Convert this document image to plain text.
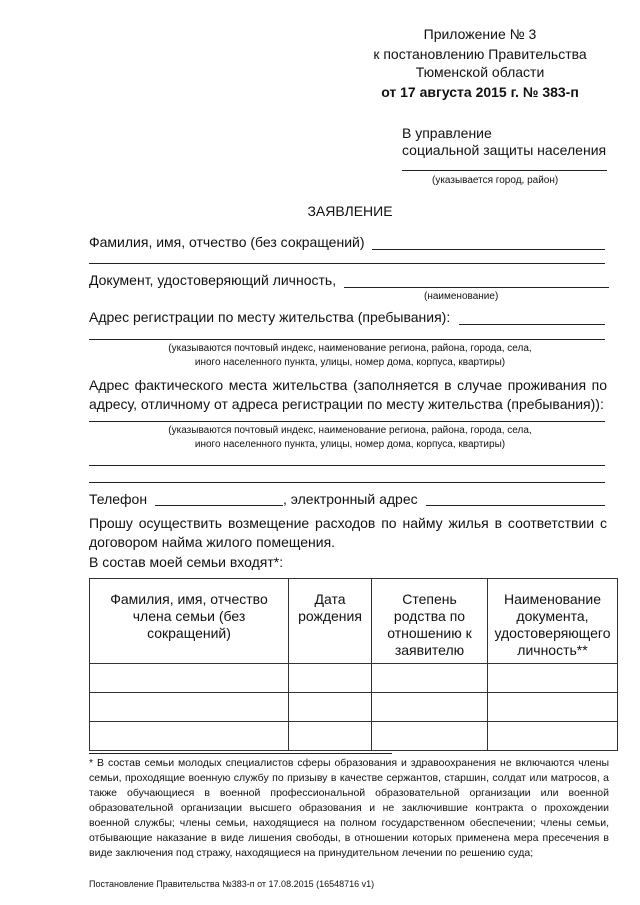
Приложение № 3
к постановлению Правительства
Тюменской области
от 17 августа 2015 г. № 383-п
В управление
социальной защиты населения
(указывается город, район)
ЗАЯВЛЕНИЕ
Фамилия, имя, отчество (без сокращений)
Документ, удостоверяющий личность,
(наименование)
Адрес регистрации по месту жительства (пребывания):
(указываются почтовый индекс, наименование региона, района, города, села,
иного населенного пункта, улицы, номер дома, корпуса, квартиры)
Адрес фактического места жительства (заполняется в случае проживания по адресу, отличному от адреса регистрации по месту жительства (пребывания)):
(указываются почтовый индекс, наименование региона, района, города, села,
иного населенного пункта, улицы, номер дома, корпуса, квартиры)
Телефон	, электронный адрес
Прошу осуществить возмещение расходов по найму жилья в соответствии с договором найма жилого помещения.
В состав моей семьи входят*:
Фамилия, имя, отчество члена семьи (без сокращений)	Дата рождения	Степень родства по отношению к заявителю	Наименование документа, удостоверяющего личность**

* В состав семьи молодых специалистов сферы образования и здравоохранения не включаются члены семьи, проходящие военную службу по призыву в качестве сержантов, старшин, солдат или матросов, а также обучающиеся в военной профессиональной образовательной организации или военной образовательной организации высшего образования и не заключившие контракта о прохождении военной службы; члены семьи, находящиеся на полном государственном обеспечении; члены семьи, отбывающие наказание в виде лишения свободы, в отношении которых применена мера пресечения в виде заключения под стражу, находящиеся на принудительном лечении по решению суда;
Постановление Правительства №383-п от 17.08.2015 (16548716 v1)
